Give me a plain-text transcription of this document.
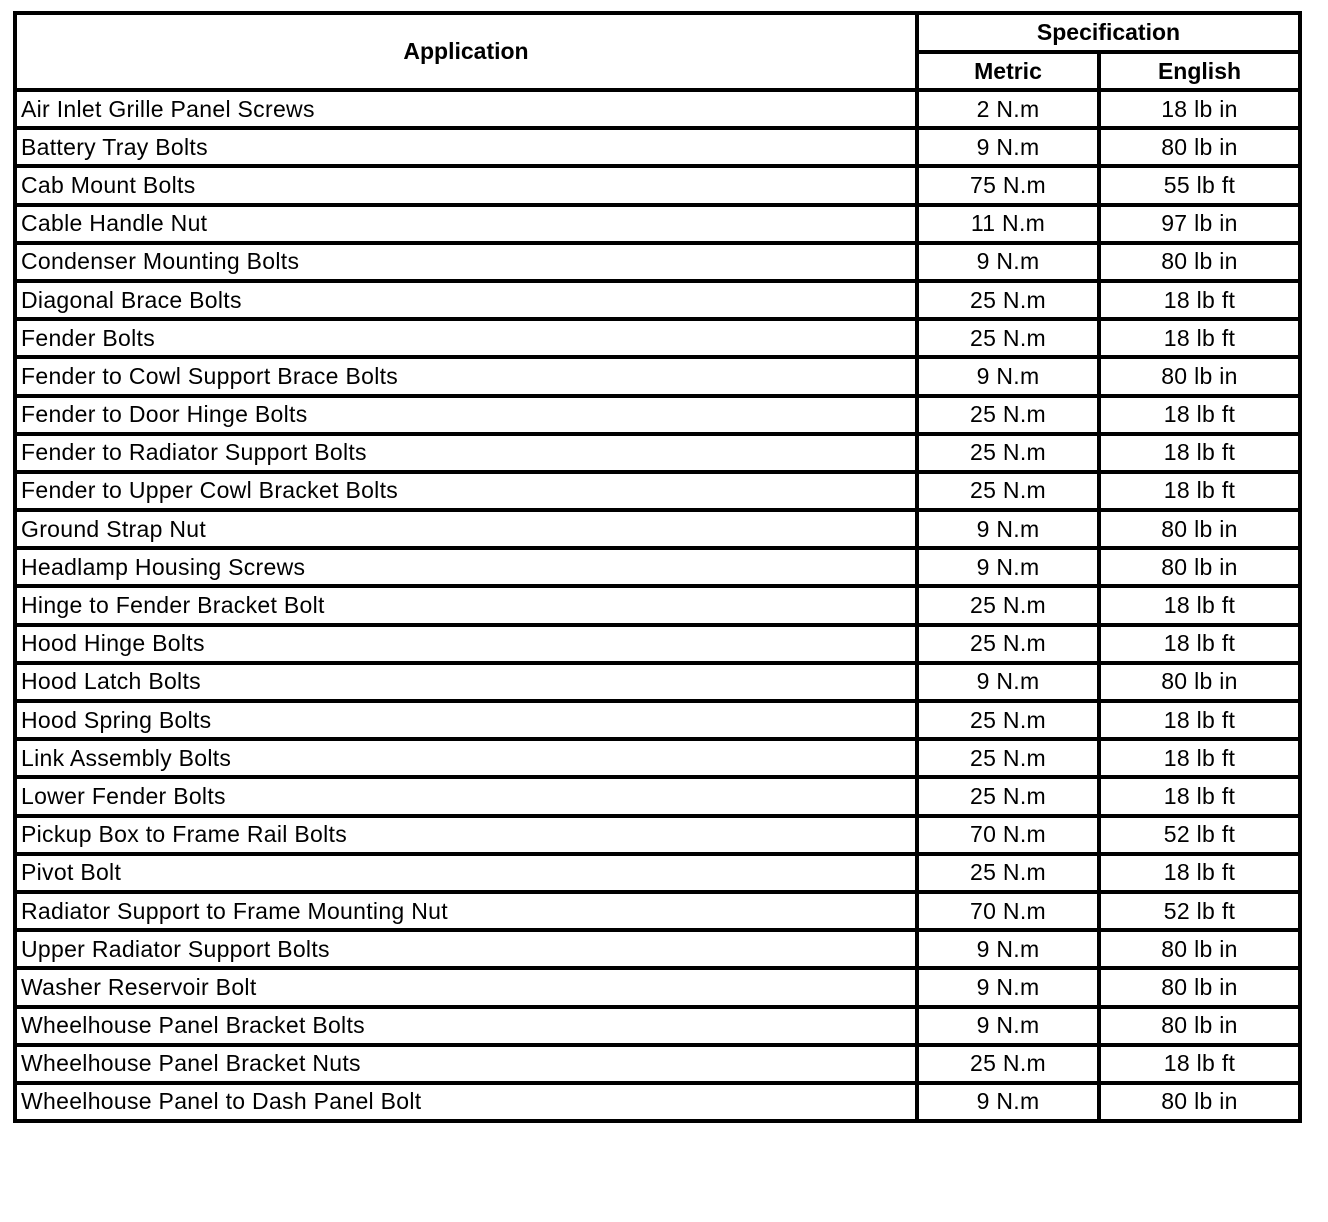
Application	Specification	
	Metric	English
Air Inlet Grille Panel Screws	2 N.m	18 lb in
Battery Tray Bolts	9 N.m	80 lb in
Cab Mount Bolts	75 N.m	55 lb ft
Cable Handle Nut	11 N.m	97 lb in
Condenser Mounting Bolts	9 N.m	80 lb in
Diagonal Brace Bolts	25 N.m	18 lb ft
Fender Bolts	25 N.m	18 lb ft
Fender to Cowl Support Brace Bolts	9 N.m	80 lb in
Fender to Door Hinge Bolts	25 N.m	18 lb ft
Fender to Radiator Support Bolts	25 N.m	18 lb ft
Fender to Upper Cowl Bracket Bolts	25 N.m	18 lb ft
Ground Strap Nut	9 N.m	80 lb in
Headlamp Housing Screws	9 N.m	80 lb in
Hinge to Fender Bracket Bolt	25 N.m	18 lb ft
Hood Hinge Bolts	25 N.m	18 lb ft
Hood Latch Bolts	9 N.m	80 lb in
Hood Spring Bolts	25 N.m	18 lb ft
Link Assembly Bolts	25 N.m	18 lb ft
Lower Fender Bolts	25 N.m	18 lb ft
Pickup Box to Frame Rail Bolts	70 N.m	52 lb ft
Pivot Bolt	25 N.m	18 lb ft
Radiator Support to Frame Mounting Nut	70 N.m	52 lb ft
Upper Radiator Support Bolts	9 N.m	80 lb in
Washer Reservoir Bolt	9 N.m	80 lb in
Wheelhouse Panel Bracket Bolts	9 N.m	80 lb in
Wheelhouse Panel Bracket Nuts	25 N.m	18 lb ft
Wheelhouse Panel to Dash Panel Bolt	9 N.m	80 lb in
